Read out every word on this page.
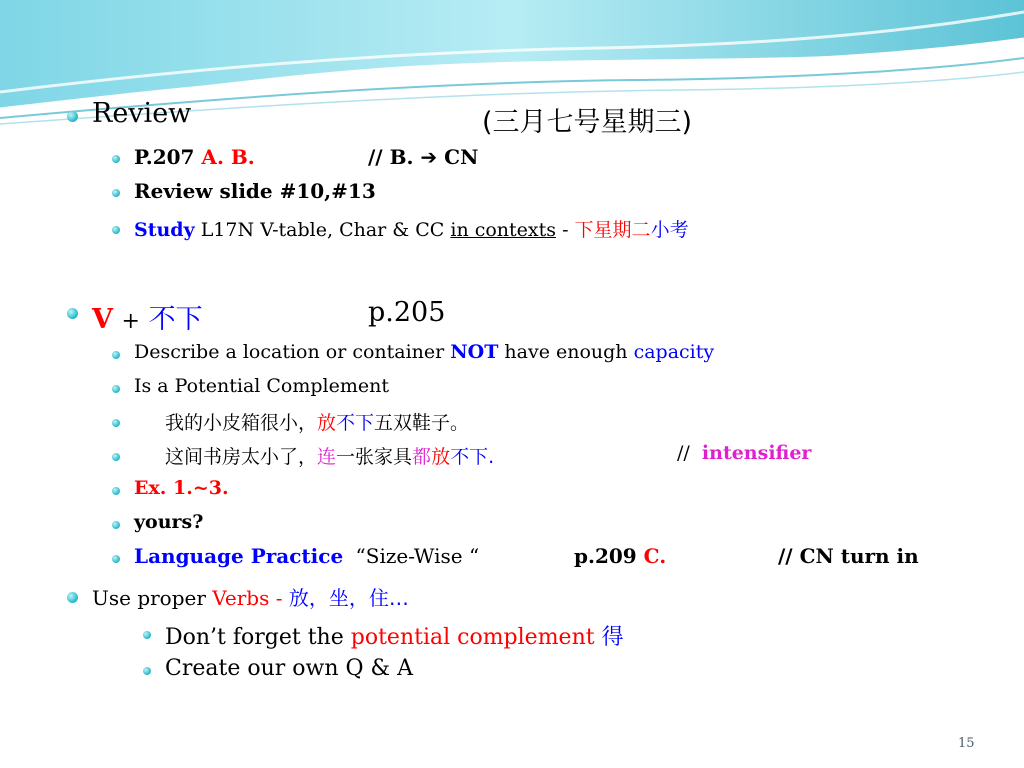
Review	(三月七号星期三)
P.207 A. B.	// B. ➔ CN
Review slide #10,#13
Study L17N V-table, Char & CC in contexts - 下星期二小考
V + 不下	p.205
Describe a location or container NOT have enough capacity
Is a Potential Complement
我的小皮箱很小，放不下五双鞋子。
这间书房太小了，连一张家具都放不下.	// intensifier
Ex. 1.~3.
yours?
Language Practice “Size-Wise “	p.209 C.	// CN turn in
Use proper Verbs - 放，坐，住…
Don’t forget the potential complement 得
Create our own Q & A
15
